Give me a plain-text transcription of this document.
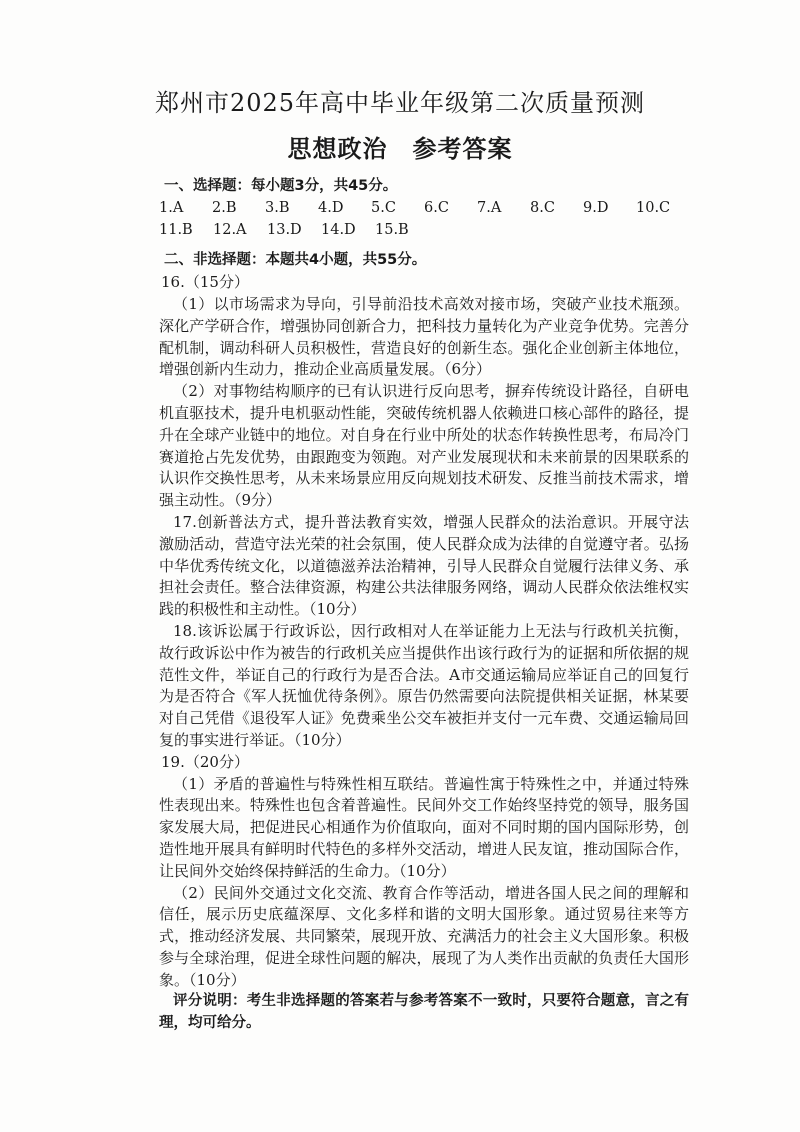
郑州市2025年高中毕业年级第二次质量预测
思想政治　参考答案
一、选择题：每小题3分，共45分。
1.A	2.B	3.B	4.D	5.C	6.C	7.A	8.C	9.D	10.C
11.B	12.A	13.D	14.D	15.B
二、非选择题：本题共4小题，共55分。
16.（15分）

（1）以市场需求为导向，引导前沿技术高效对接市场，突破产业技术瓶颈。深化产学研合作，增强协同创新合力，把科技力量转化为产业竞争优势。完善分配机制，调动科研人员积极性，营造良好的创新生态。强化企业创新主体地位，增强创新内生动力，推动企业高质量发展。（6分）

（2）对事物结构顺序的已有认识进行反向思考，摒弃传统设计路径，自研电机直驱技术，提升电机驱动性能，突破传统机器人依赖进口核心部件的路径，提升在全球产业链中的地位。对自身在行业中所处的状态作转换性思考，布局冷门赛道抢占先发优势，由跟跑变为领跑。对产业发展现状和未来前景的因果联系的认识作交换性思考，从未来场景应用反向规划技术研发、反推当前技术需求，增强主动性。（9分）

17.创新普法方式，提升普法教育实效，增强人民群众的法治意识。开展守法激励活动，营造守法光荣的社会氛围，使人民群众成为法律的自觉遵守者。弘扬中华优秀传统文化，以道德滋养法治精神，引导人民群众自觉履行法律义务、承担社会责任。整合法律资源，构建公共法律服务网络，调动人民群众依法维权实践的积极性和主动性。（10分）

18.该诉讼属于行政诉讼，因行政相对人在举证能力上无法与行政机关抗衡，故行政诉讼中作为被告的行政机关应当提供作出该行政行为的证据和所依据的规范性文件，举证自己的行政行为是否合法。A市交通运输局应举证自己的回复行为是否符合《军人抚恤优待条例》。原告仍然需要向法院提供相关证据，林某要对自己凭借《退役军人证》免费乘坐公交车被拒并支付一元车费、交通运输局回复的事实进行举证。（10分）

19.（20分）

（1）矛盾的普遍性与特殊性相互联结。普遍性寓于特殊性之中，并通过特殊性表现出来。特殊性也包含着普遍性。民间外交工作始终坚持党的领导，服务国家发展大局，把促进民心相通作为价值取向，面对不同时期的国内国际形势，创造性地开展具有鲜明时代特色的多样外交活动，增进人民友谊，推动国际合作，让民间外交始终保持鲜活的生命力。（10分）

（2）民间外交通过文化交流、教育合作等活动，增进各国人民之间的理解和信任，展示历史底蕴深厚、文化多样和谐的文明大国形象。通过贸易往来等方式，推动经济发展、共同繁荣，展现开放、充满活力的社会主义大国形象。积极参与全球治理，促进全球性问题的解决，展现了为人类作出贡献的负责任大国形象。（10分）

评分说明：考生非选择题的答案若与参考答案不一致时，只要符合题意，言之有理，均可给分。
